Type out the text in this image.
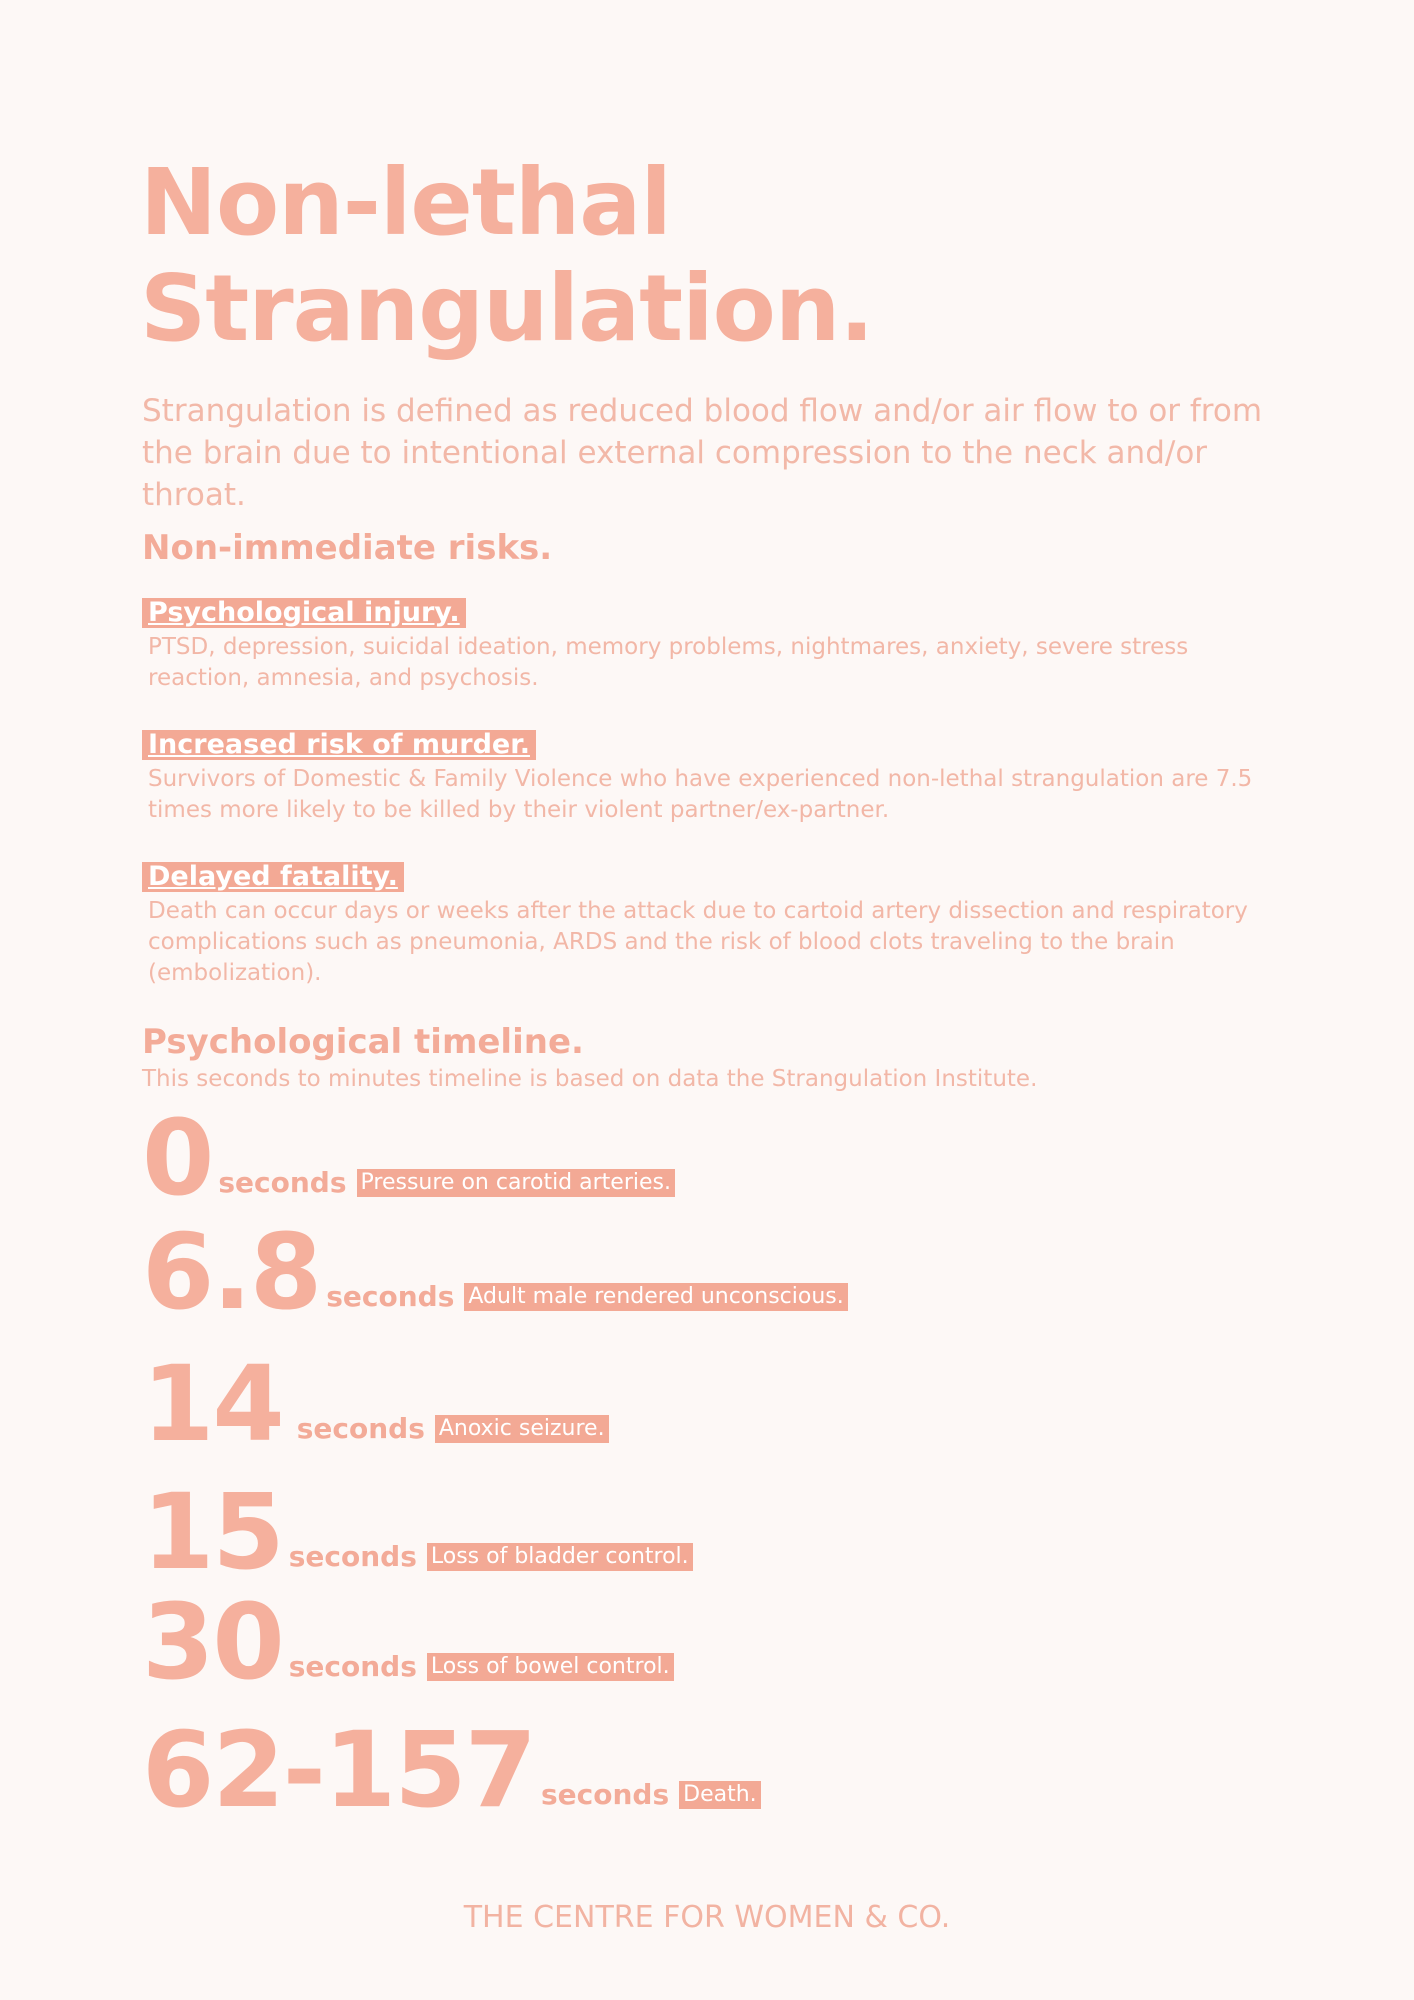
Non-lethal
Strangulation.

Strangulation is defined as reduced blood flow and/or air flow to or from the brain due to intentional external compression to the neck and/or throat.

Non-immediate risks.
Psychological injury.

PTSD, depression, suicidal ideation, memory problems, nightmares, anxiety, severe stress reaction, amnesia, and psychosis.

Increased risk of murder.

Survivors of Domestic & Family Violence who have experienced non-lethal strangulation are 7.5 times more likely to be killed by their violent partner/ex-partner.

Delayed fatality.

Death can occur days or weeks after the attack due to cartoid artery dissection and respiratory complications such as pneumonia, ARDS and the risk of blood clots traveling to the brain (embolization).

Psychological timeline.

This seconds to minutes timeline is based on data the Strangulation Institute.

0 seconds Pressure on carotid arteries.
6.8 seconds Adult male rendered unconscious.
14 seconds Anoxic seizure.
15 seconds Loss of bladder control.
30 seconds Loss of bowel control.
62-157 seconds Death.

THE CENTRE FOR WOMEN & CO.
